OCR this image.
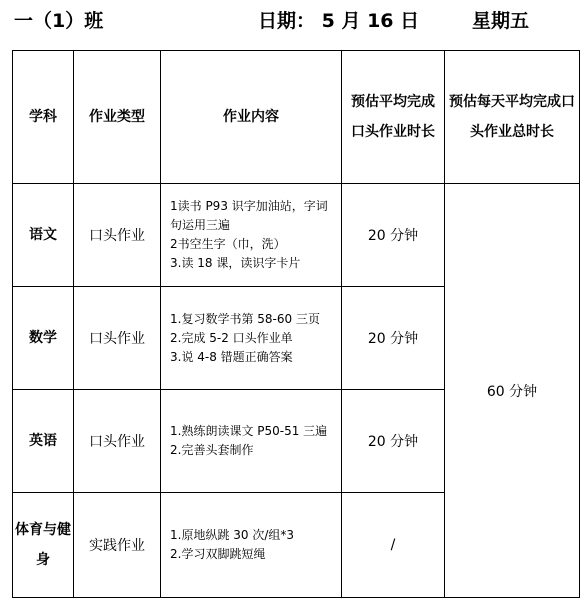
一（1）班	日期： 5 月 16 日	星期五
学科	作业类型	作业内容	预估平均完成口头作业时长	预估每天平均完成口头作业总时长
语文	口头作业	1读书 P93 识字加油站，字词句运用三遍
2书空生字（巾，洗）
3.读 18 课，读识字卡片	20 分钟	60 分钟
数学	口头作业	1.复习数学书第 58-60 三页
2.完成 5-2 口头作业单
3.说 4-8 错题正确答案	20 分钟	
英语	口头作业	1.熟练朗读课文 P50-51 三遍
2.完善头套制作	20 分钟	
体育与健身	实践作业	1.原地纵跳 30 次/组*3
2.学习双脚跳短绳	/	
